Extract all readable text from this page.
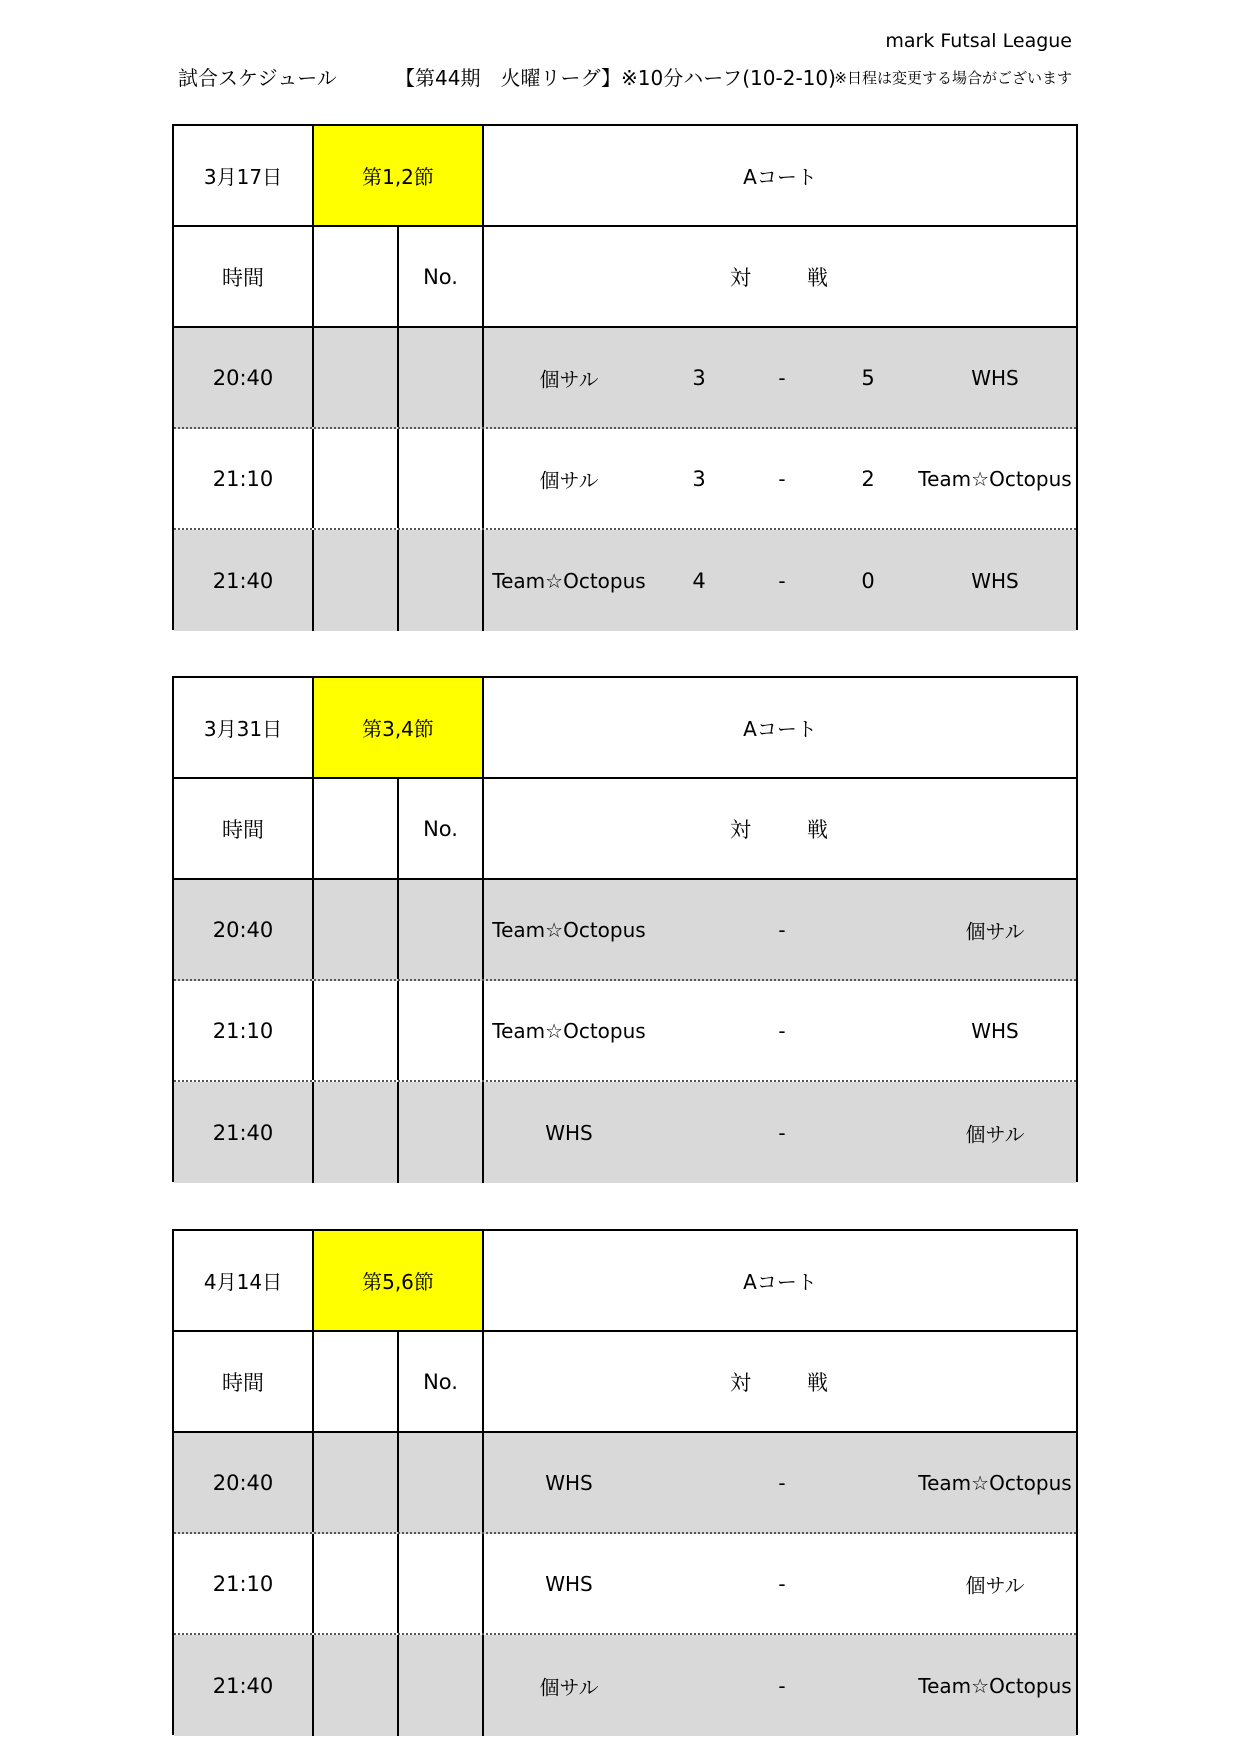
mark Futsal League
試合スケジュール	【第44期　火曜リーグ】※10分ハーフ(10-2-10)
※日程は変更する場合がございます
3月17日	第1,2節	Aコート
時間	No.	対	戦
20:40	個サル	3	-	5	WHS
21:10	個サル	3	-	2 Team☆Octopus
21:40	Team☆Octopus 4	-	0	WHS
3月31日	第3,4節	Aコート
時間	No.	対	戦
20:40	Team☆Octopus	-	個サル
21:10	Team☆Octopus	-	WHS
21:40	WHS	-	個サル
4月14日	第5,6節	Aコート
時間	No.	対	戦
20:40	WHS	-	Team☆Octopus
21:10	WHS	-	個サル
21:40	個サル	-	Team☆Octopus
